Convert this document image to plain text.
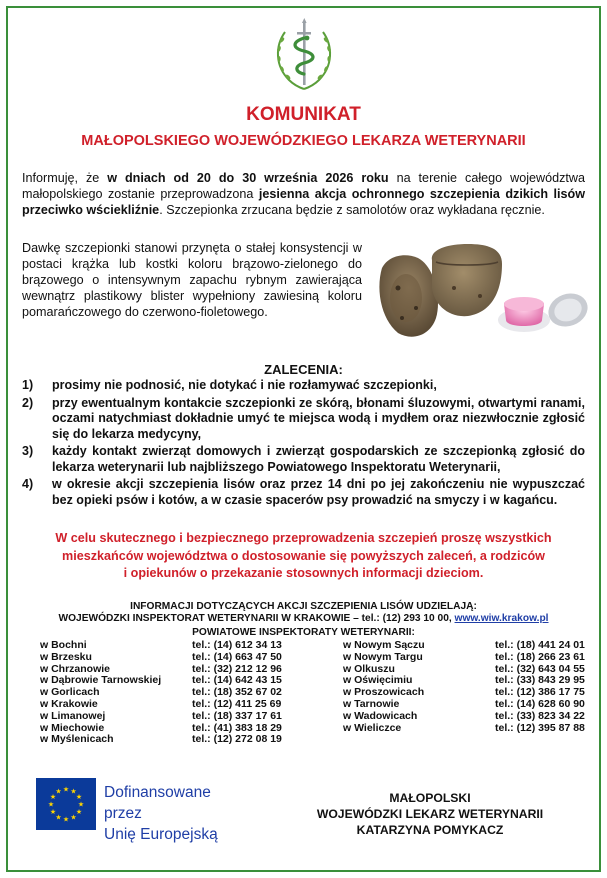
KOMUNIKAT
MAŁOPOLSKIEGO WOJEWÓDZKIEGO LEKARZA WETERYNARII
Informuję, że w dniach od 20 do 30 września 2026 roku na terenie całego województwa małopolskiego zostanie przeprowadzona jesienna akcja ochronnego szczepienia dzikich lisów przeciwko wściekliźnie. Szczepionka zrzucana będzie z samolotów oraz wykładana ręcznie.
Dawkę szczepionki stanowi przynęta o stałej konsystencji w postaci krążka lub kostki koloru brązowo-zielonego do brązowego o intensywnym zapachu rybnym zawierająca wewnątrz plastikowy blister wypełniony zawiesiną koloru pomarańczowego do czerwono-fioletowego.
ZALECENIA:
1)	prosimy nie podnosić, nie dotykać i nie rozłamywać szczepionki,
2)	przy ewentualnym kontakcie szczepionki ze skórą, błonami śluzowymi, otwartymi ranami, oczami natychmiast dokładnie umyć te miejsca wodą i mydłem oraz niezwłocznie zgłosić się do lekarza medycyny,
3)	każdy kontakt zwierząt domowych i zwierząt gospodarskich ze szczepionką zgłosić do lekarza weterynarii lub najbliższego Powiatowego Inspektoratu Weterynarii,
4)	w okresie akcji szczepienia lisów oraz przez 14 dni po jej zakończeniu nie wypuszczać bez opieki psów i kotów, a w czasie spacerów psy prowadzić na smyczy i w kagańcu.
W celu skutecznego i bezpiecznego przeprowadzenia szczepień proszę wszystkich
mieszkańców województwa o dostosowanie się powyższych zaleceń, a rodziców
i opiekunów o przekazanie stosownych informacji dzieciom.
INFORMACJI DOTYCZĄCYCH AKCJI SZCZEPIENIA LISÓW UDZIELAJĄ:
WOJEWÓDZKI INSPEKTORAT WETERYNARII W KRAKOWIE – tel.: (12) 293 10 00, www.wiw.krakow.pl
POWIATOWE INSPEKTORATY WETERYNARII:
w Bochni	tel.: (14) 612 34 13
w Brzesku	tel.: (14) 663 47 50
w Chrzanowie	tel.: (32) 212 12 96
w Dąbrowie Tarnowskiej	tel.: (14) 642 43 15
w Gorlicach	tel.: (18) 352 67 02
w Krakowie	tel.: (12) 411 25 69
w Limanowej	tel.: (18) 337 17 61
w Miechowie	tel.: (41) 383 18 29
w Myślenicach	tel.: (12) 272 08 19
w Nowym Sączu	tel.: (18) 441 24 01
w Nowym Targu	tel.: (18) 266 23 61
w Olkuszu	tel.: (32) 643 04 55
w Oświęcimiu	tel.: (33) 843 29 95
w Proszowicach	tel.: (12) 386 17 75
w Tarnowie	tel.: (14) 628 60 90
w Wadowicach	tel.: (33) 823 34 22
w Wieliczce	tel.: (12) 395 87 88
★
★
★
★
★
★
★
★
★ ★ ★
★ Dofinansowane przez
Unię Europejską
MAŁOPOLSKI
WOJEWÓDZKI LEKARZ WETERYNARII
KATARZYNA POMYKACZ
